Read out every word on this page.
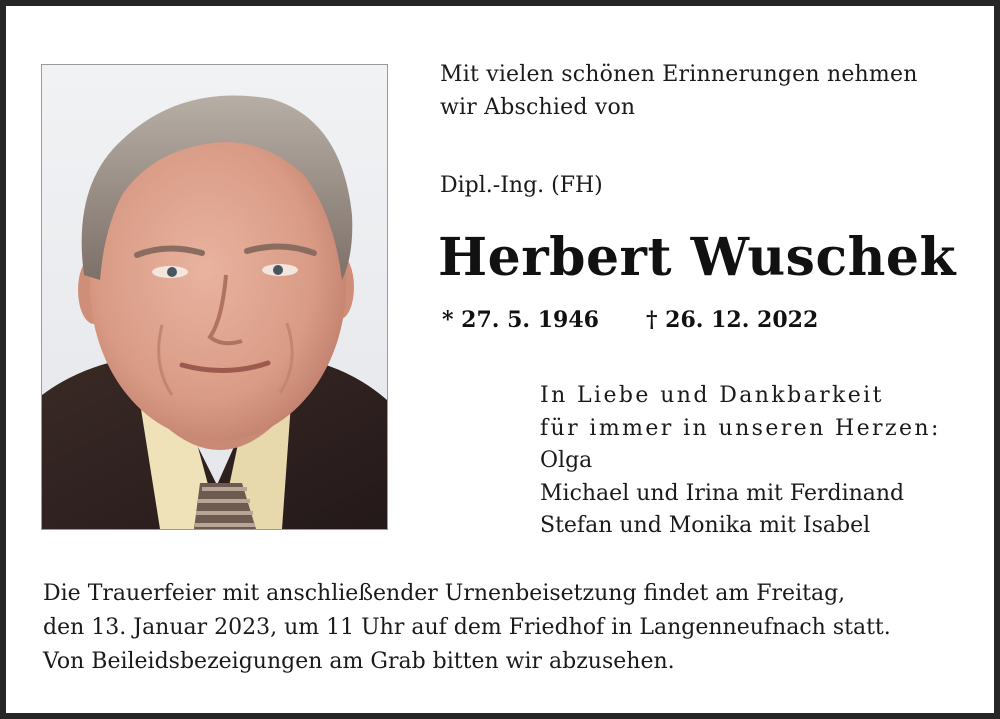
Mit vielen schönen Erinnerungen nehmen
wir Abschied von
Dipl.-Ing. (FH)
Herbert Wuschek
* 27. 5. 1946 † 26. 12. 2022
In Liebe und Dankbarkeit
für immer in unseren Herzen:
Olga
Michael und Irina mit Ferdinand
Stefan und Monika mit Isabel
Die Trauerfeier mit anschließender Urnenbeisetzung findet am Freitag,
den 13. Januar 2023, um 11 Uhr auf dem Friedhof in Langenneufnach statt.
Von Beileidsbezeigungen am Grab bitten wir abzusehen.
